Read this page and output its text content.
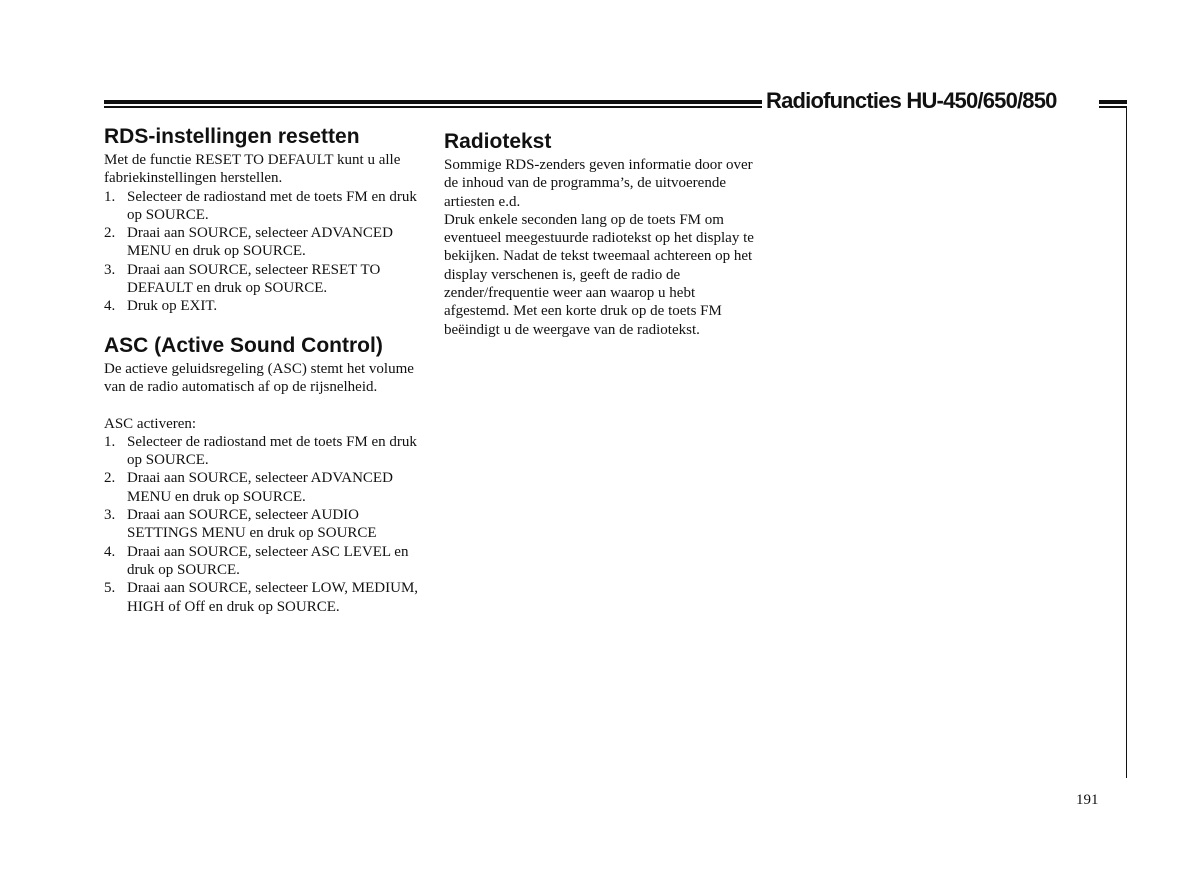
Radiofuncties HU-450/650/850
RDS-instellingen resetten

Met de functie RESET TO DEFAULT kunt u alle fabriekinstellingen herstellen.

1. Selecteer de radiostand met de toets FM en druk op SOURCE.
2. Draai aan SOURCE, selecteer ADVANCED MENU en druk op SOURCE.
3. Draai aan SOURCE, selecteer RESET TO DEFAULT en druk op SOURCE.
4. Druk op EXIT.
ASC (Active Sound Control)

De actieve geluidsregeling (ASC) stemt het volume van de radio automatisch af op de rijsnelheid.

ASC activeren:

1. Selecteer de radiostand met de toets FM en druk op SOURCE.
2. Draai aan SOURCE, selecteer ADVANCED MENU en druk op SOURCE.
3. Draai aan SOURCE, selecteer AUDIO SETTINGS MENU en druk op SOURCE
4. Draai aan SOURCE, selecteer ASC LEVEL en druk op SOURCE.
5. Draai aan SOURCE, selecteer LOW, MEDIUM, HIGH of Off en druk op SOURCE.
Radiotekst

Sommige RDS-zenders geven informatie door over de inhoud van de programma’s, de uitvoerende artiesten e.d.

Druk enkele seconden lang op de toets FM om eventueel meegestuurde radiotekst op het display te bekijken. Nadat de tekst tweemaal achtereen op het display verschenen is, geeft de radio de zender/frequentie weer aan waarop u hebt afgestemd. Met een korte druk op de toets FM beëindigt u de weergave van de radiotekst.

191
